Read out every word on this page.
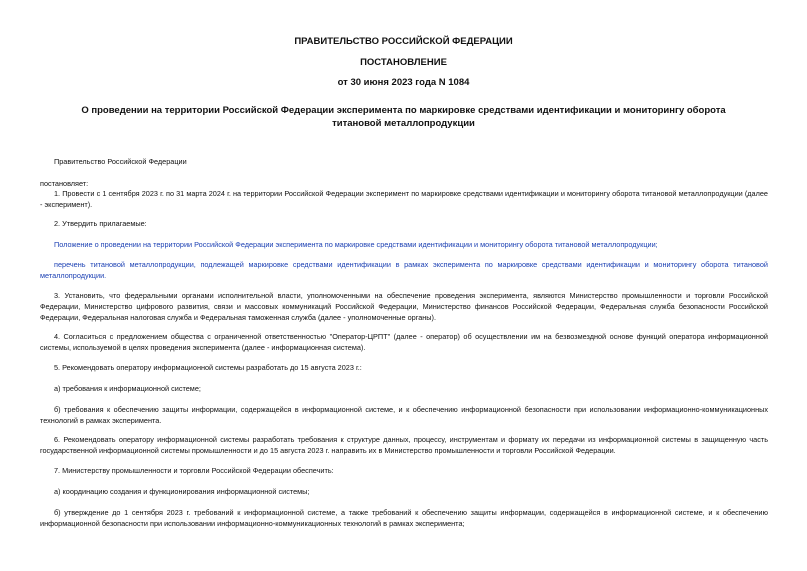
ПРАВИТЕЛЬСТВО РОССИЙСКОЙ ФЕДЕРАЦИИ
ПОСТАНОВЛЕНИЕ
от 30 июня 2023 года N 1084
О проведении на территории Российской Федерации эксперимента по маркировке средствами идентификации и мониторингу оборота титановой металлопродукции
Правительство Российской Федерации
постановляет:
1. Провести с 1 сентября 2023 г. по 31 марта 2024 г. на территории Российской Федерации эксперимент по маркировке средствами идентификации и мониторингу оборота титановой металлопродукции (далее - эксперимент).
2. Утвердить прилагаемые:
Положение о проведении на территории Российской Федерации эксперимента по маркировке средствами идентификации и мониторингу оборота титановой металлопродукции;
перечень титановой металлопродукции, подлежащей маркировке средствами идентификации в рамках эксперимента по маркировке средствами идентификации и мониторингу оборота титановой металлопродукции.
3. Установить, что федеральными органами исполнительной власти, уполномоченными на обеспечение проведения эксперимента, являются Министерство промышленности и торговли Российской Федерации, Министерство цифрового развития, связи и массовых коммуникаций Российской Федерации, Министерство финансов Российской Федерации, Федеральная служба безопасности Российской Федерации, Федеральная налоговая служба и Федеральная таможенная служба (далее - уполномоченные органы).
4. Согласиться с предложением общества с ограниченной ответственностью "Оператор-ЦРПТ" (далее - оператор) об осуществлении им на безвозмездной основе функций оператора информационной системы, используемой в целях проведения эксперимента (далее - информационная система).
5. Рекомендовать оператору информационной системы разработать до 15 августа 2023 г.:
а) требования к информационной системе;
б) требования к обеспечению защиты информации, содержащейся в информационной системе, и к обеспечению информационной безопасности при использовании информационно-коммуникационных технологий в рамках эксперимента.
6. Рекомендовать оператору информационной системы разработать требования к структуре данных, процессу, инструментам и формату их передачи из информационной системы в защищенную часть государственной информационной системы промышленности и до 15 августа 2023 г. направить их в Министерство промышленности и торговли Российской Федерации.
7. Министерству промышленности и торговли Российской Федерации обеспечить:
а) координацию создания и функционирования информационной системы;
б) утверждение до 1 сентября 2023 г. требований к информационной системе, а также требований к обеспечению защиты информации, содержащейся в информационной системе, и к обеспечению информационной безопасности при использовании информационно-коммуникационных технологий в рамках эксперимента;
